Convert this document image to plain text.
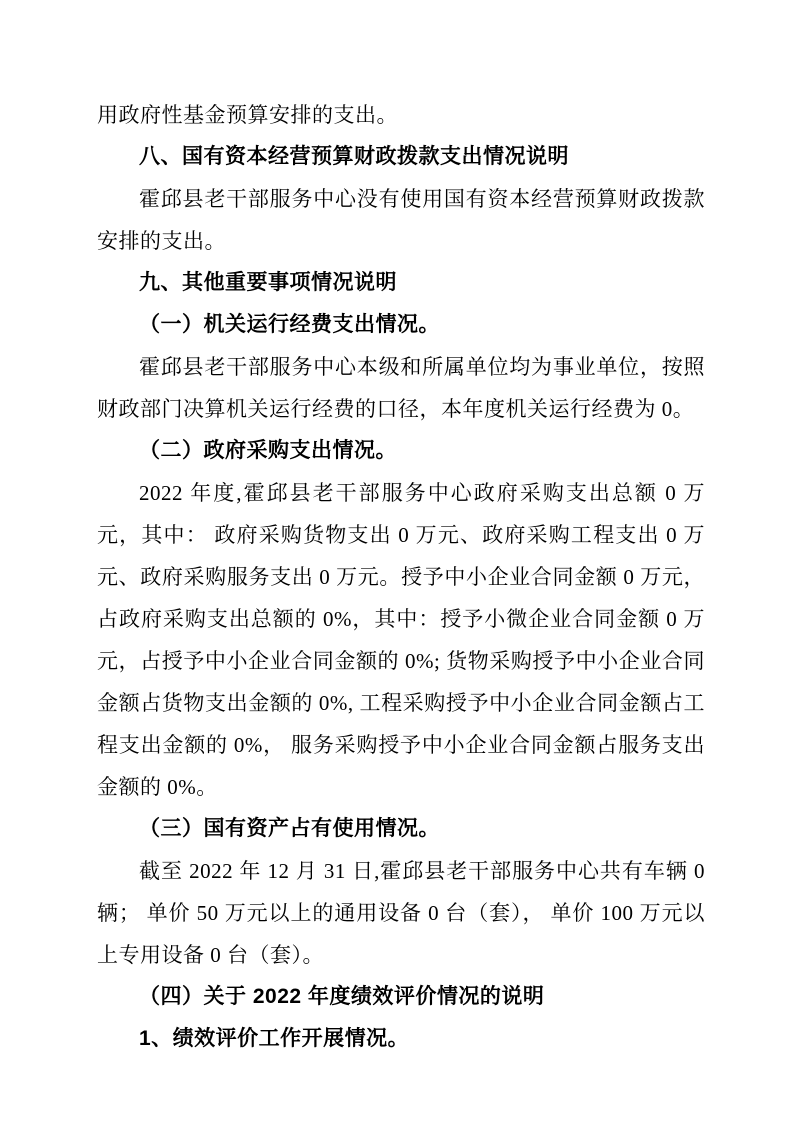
用政府性基金预算安排的支出。

八、国有资本经营预算财政拨款支出情况说明

霍邱县老干部服务中心没有使用国有资本经营预算财政拨款安排的支出。

九、其他重要事项情况说明

（一）机关运行经费支出情况。

霍邱县老干部服务中心本级和所属单位均为事业单位，按照财政部门决算机关运行经费的口径，本年度机关运行经费为 0。

（二）政府采购支出情况。

2022 年度,霍邱县老干部服务中心政府采购支出总额 0 万元，其中： 政府采购货物支出 0 万元、政府采购工程支出 0 万元、政府采购服务支出 0 万元。授予中小企业合同金额 0 万元，占政府采购支出总额的 0%，其中：授予小微企业合同金额 0 万元，占授予中小企业合同金额的 0%; 货物采购授予中小企业合同金额占货物支出金额的 0%, 工程采购授予中小企业合同金额占工程支出金额的 0%， 服务采购授予中小企业合同金额占服务支出金额的 0%。

（三）国有资产占有使用情况。

截至 2022 年 12 月 31 日,霍邱县老干部服务中心共有车辆 0 辆； 单价 50 万元以上的通用设备 0 台（套）， 单价 100 万元以上专用设备 0 台（套）。

（四）关于 2022 年度绩效评价情况的说明

1、绩效评价工作开展情况。
